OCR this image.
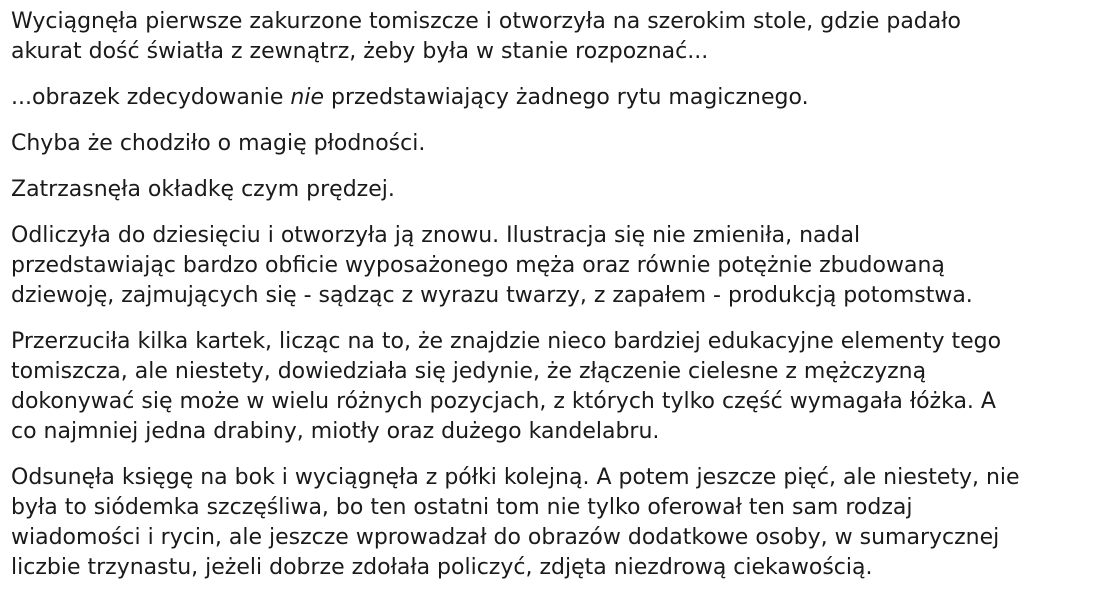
Wyciągnęła pierwsze zakurzone tomiszcze i otworzyła na szerokim stole, gdzie padało
akurat dość światła z zewnątrz, żeby była w stanie rozpoznać...

...obrazek zdecydowanie nie przedstawiający żadnego rytu magicznego.

Chyba że chodziło o magię płodności.

Zatrzasnęła okładkę czym prędzej.

Odliczyła do dziesięciu i otworzyła ją znowu. Ilustracja się nie zmieniła, nadal
przedstawiając bardzo obficie wyposażonego męża oraz równie potężnie zbudowaną
dziewoję, zajmujących się - sądząc z wyrazu twarzy, z zapałem - produkcją potomstwa.

Przerzuciła kilka kartek, licząc na to, że znajdzie nieco bardziej edukacyjne elementy tego
tomiszcza, ale niestety, dowiedziała się jedynie, że złączenie cielesne z mężczyzną
dokonywać się może w wielu różnych pozycjach, z których tylko część wymagała łóżka. A
co najmniej jedna drabiny, miotły oraz dużego kandelabru.

Odsunęła księgę na bok i wyciągnęła z półki kolejną. A potem jeszcze pięć, ale niestety, nie
była to siódemka szczęśliwa, bo ten ostatni tom nie tylko oferował ten sam rodzaj
wiadomości i rycin, ale jeszcze wprowadzał do obrazów dodatkowe osoby, w sumarycznej
liczbie trzynastu, jeżeli dobrze zdołała policzyć, zdjęta niezdrową ciekawością.
